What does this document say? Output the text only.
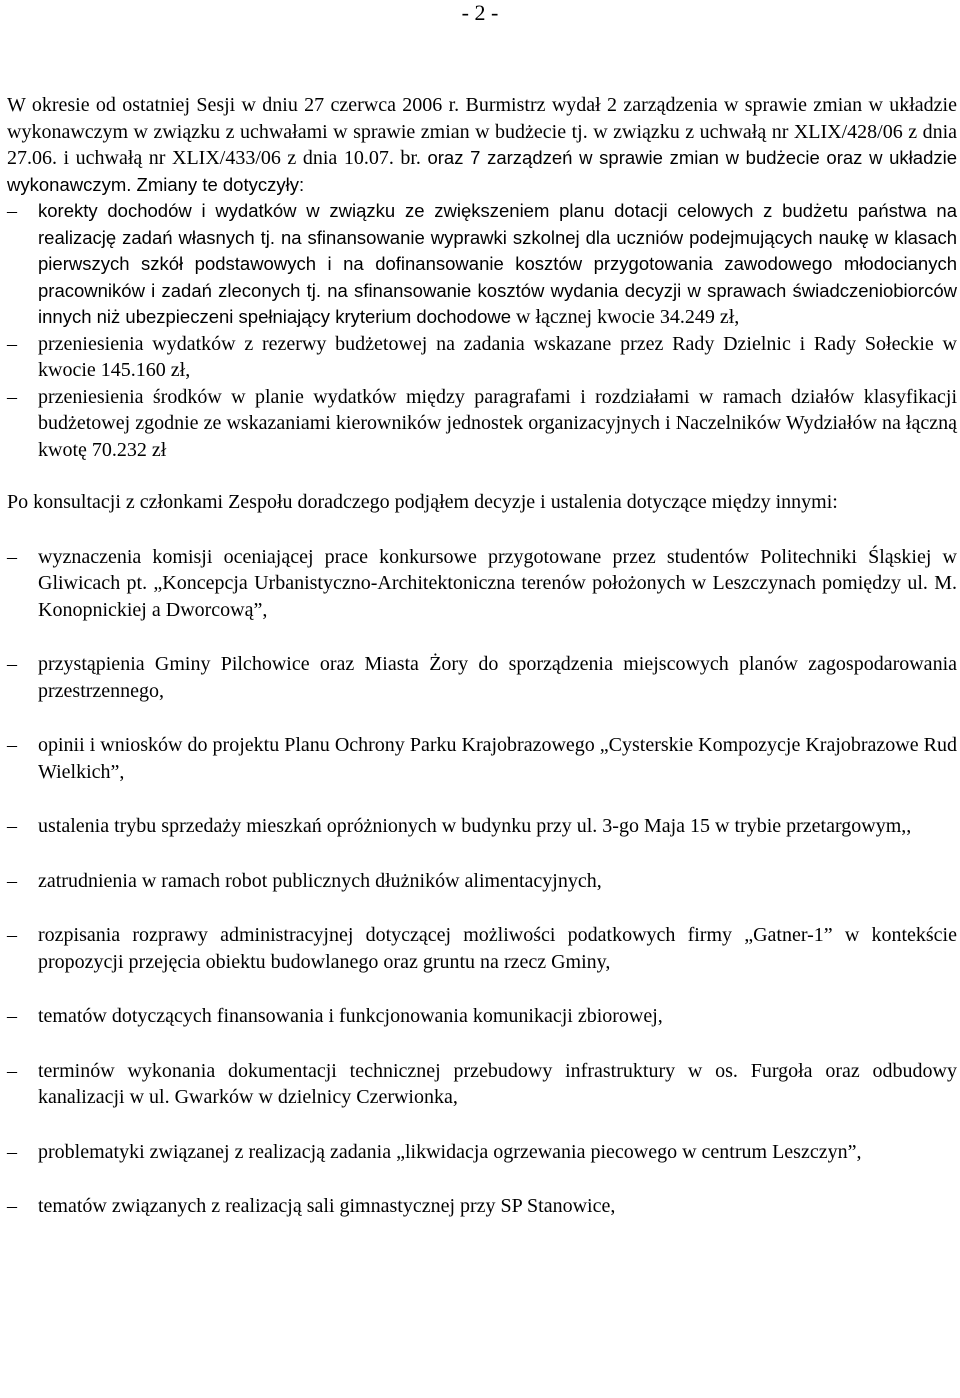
- 2 -

W okresie od ostatniej Sesji w dniu 27 czerwca 2006 r. Burmistrz wydał 2 zarządzenia w sprawie zmian w układzie wykonawczym w związku z uchwałami w sprawie zmian w budżecie tj. w związku z uchwałą nr XLIX/428/06 z dnia 27.06. i uchwałą nr XLIX/433/06 z dnia 10.07. br. oraz 7 zarządzeń w sprawie zmian w budżecie oraz w układzie wykonawczym. Zmiany te dotyczyły:

– korekty dochodów i wydatków w związku ze zwiększeniem planu dotacji celowych z budżetu państwa na realizację zadań własnych tj. na sfinansowanie wyprawki szkolnej dla uczniów podejmujących naukę w klasach pierwszych szkół podstawowych i na dofinansowanie kosztów przygotowania zawodowego młodocianych pracowników i zadań zleconych tj. na sfinansowanie kosztów wydania decyzji w sprawach świadczeniobiorców innych niż ubezpieczeni spełniający kryterium dochodowe w łącznej kwocie 34.249 zł,
– przeniesienia wydatków z rezerwy budżetowej na zadania wskazane przez Rady Dzielnic i Rady Sołeckie w kwocie 145.160 zł,
– przeniesienia środków w planie wydatków między paragrafami i rozdziałami w ramach działów klasyfikacji budżetowej zgodnie ze wskazaniami kierowników jednostek organizacyjnych i Naczelników Wydziałów na łączną kwotę 70.232 zł

Po konsultacji z członkami Zespołu doradczego podjąłem decyzje i ustalenia dotyczące między innymi:

– wyznaczenia komisji oceniającej prace konkursowe przygotowane przez studentów Politechniki Śląskiej w Gliwicach pt. „Koncepcja Urbanistyczno-Architektoniczna terenów położonych w Leszczynach pomiędzy ul. M. Konopnickiej a Dworcową”,
– przystąpienia Gminy Pilchowice oraz Miasta Żory do sporządzenia miejscowych planów zagospodarowania przestrzennego,
– opinii i wniosków do projektu Planu Ochrony Parku Krajobrazowego „Cysterskie Kompozycje Krajobrazowe Rud Wielkich”,
– ustalenia trybu sprzedaży mieszkań opróżnionych w budynku przy ul. 3-go Maja 15 w trybie przetargowym,,
– zatrudnienia w ramach robot publicznych dłużników alimentacyjnych,
– rozpisania rozprawy administracyjnej dotyczącej możliwości podatkowych firmy „Gatner-1” w kontekście propozycji przejęcia obiektu budowlanego oraz gruntu na rzecz Gminy,
– tematów dotyczących finansowania i funkcjonowania komunikacji zbiorowej,
– terminów wykonania dokumentacji technicznej przebudowy infrastruktury w os. Furgoła oraz odbudowy kanalizacji w ul. Gwarków w dzielnicy Czerwionka,
– problematyki związanej z realizacją zadania „likwidacja ogrzewania piecowego w centrum Leszczyn”,
– tematów związanych z realizacją sali gimnastycznej przy SP Stanowice,
